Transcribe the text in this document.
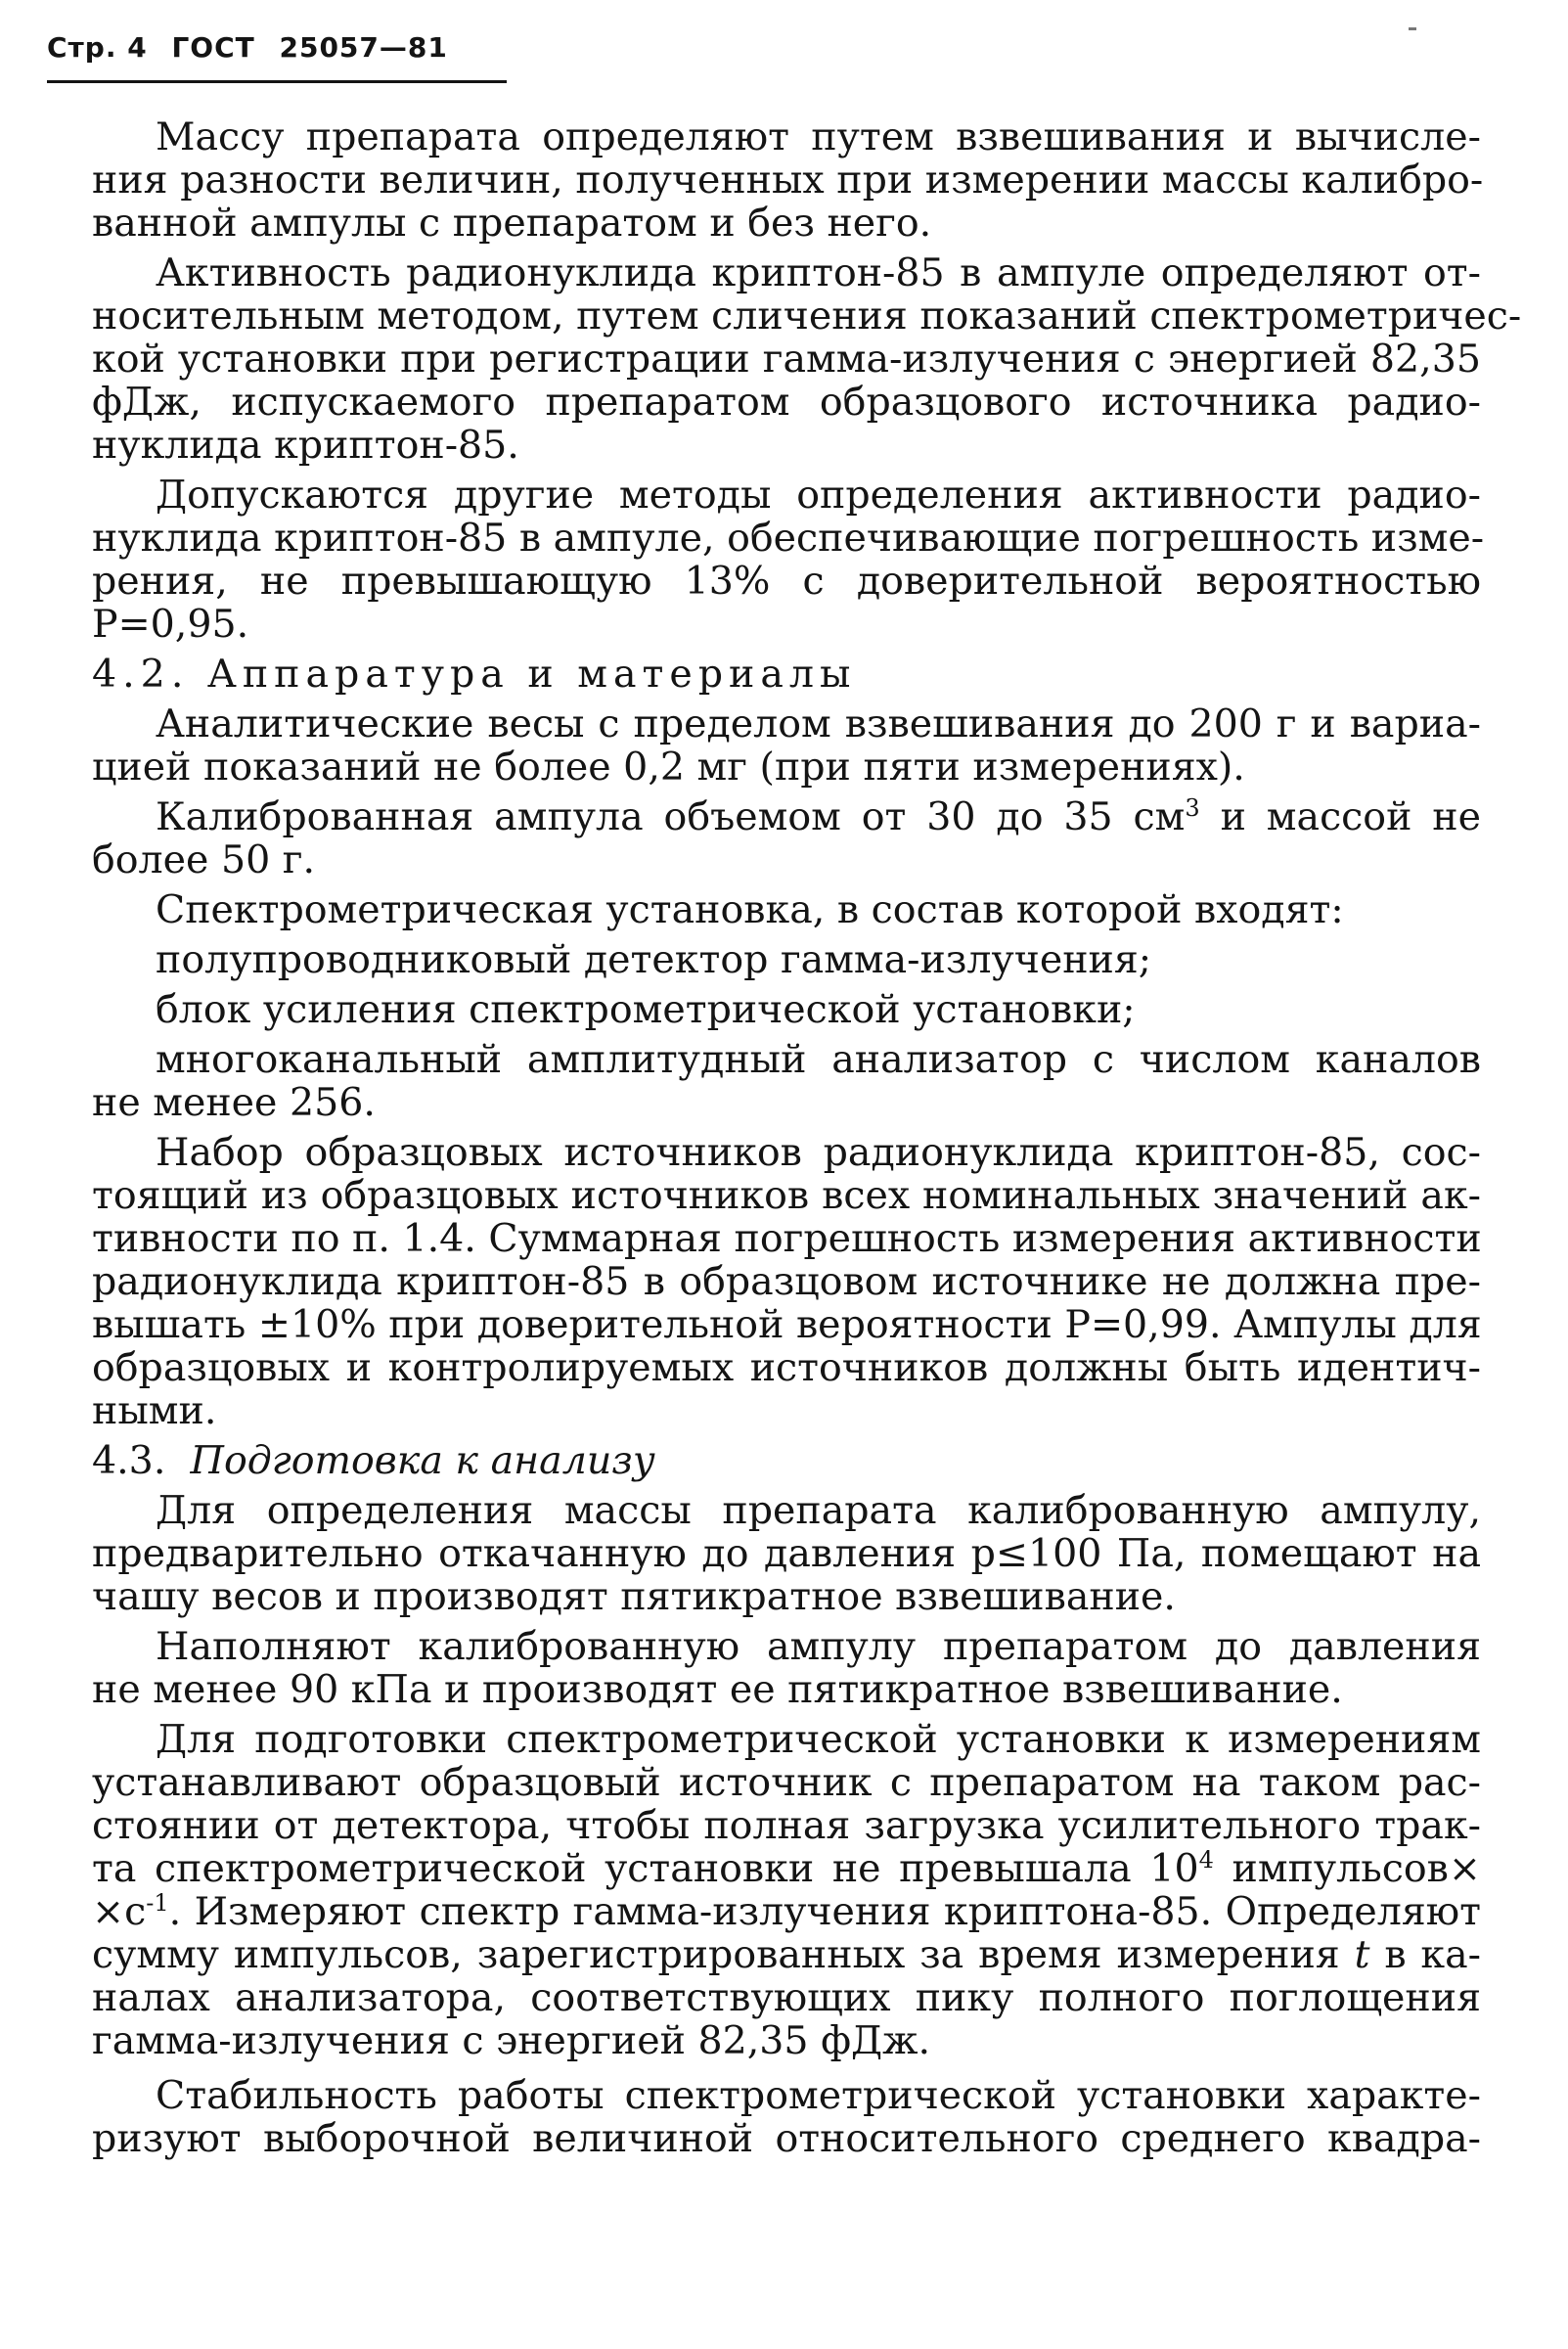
Стр. 4 ГОСТ 25057—81
Массу препарата определяют путем взвешивания и вычисле-
ния разности величин, полученных при измерении массы калибро-
ванной ампулы с препаратом и без него.
Активность радионуклида криптон-85 в ампуле определяют от-
носительным методом, путем сличения показаний спектрометричес-
кой установки при регистрации гамма-излучения с энергией 82,35
фДж, испускаемого препаратом образцового источника радио-
нуклида криптон-85.
Допускаются другие методы определения активности радио-
нуклида криптон-85 в ампуле, обеспечивающие погрешность изме-
рения, не превышающую 13% с доверительной вероятностью
Р=0,95.
4.2. Аппаратура и материалы
Аналитические весы с пределом взвешивания до 200 г и вариа-
цией показаний не более 0,2 мг (при пяти измерениях).
Калиброванная ампула объемом от 30 до 35 $см^3$ и массой не
более 50 г.
Спектрометрическая установка, в состав которой входят:
полупроводниковый детектор гамма-излучения;
блок усиления спектрометрической установки;
многоканальный амплитудный анализатор с числом каналов
не менее 256.
Набор образцовых источников радионуклида криптон-85, сос-
тоящий из образцовых источников всех номинальных значений ак-
тивности по п. 1.4. Суммарная погрешность измерения активности
радионуклида криптон-85 в образцовом источнике не должна пре-
вышать ±10% при доверительной вероятности Р=0,99. Ампулы для
образцовых и контролируемых источников должны быть идентич-
ными.
4.3. Подготовка к анализу
Для определения массы препарата калиброванную ампулу,
предварительно откачанную до давления р≤100 Па, помещают на
чашу весов и производят пятикратное взвешивание.
Наполняют калиброванную ампулу препаратом до давления
не менее 90 кПа и производят ее пятикратное взвешивание.
Для подготовки спектрометрической установки к измерениям
устанавливают образцовый источник с препаратом на таком рас-
стоянии от детектора, чтобы полная загрузка усилительного трак-
та спектрометрической установки не превышала $10^4$ импульсов×
$\times с^{-1}$. Измеряют спектр гамма-излучения криптона-85. Определяют
сумму импульсов, зарегистрированных за время измерения t в ка-
налах анализатора, соответствующих пику полного поглощения
гамма-излучения с энергией 82,35 фДж.
Стабильность работы спектрометрической установки характе-
ризуют выборочной величиной относительного среднего квадра-
